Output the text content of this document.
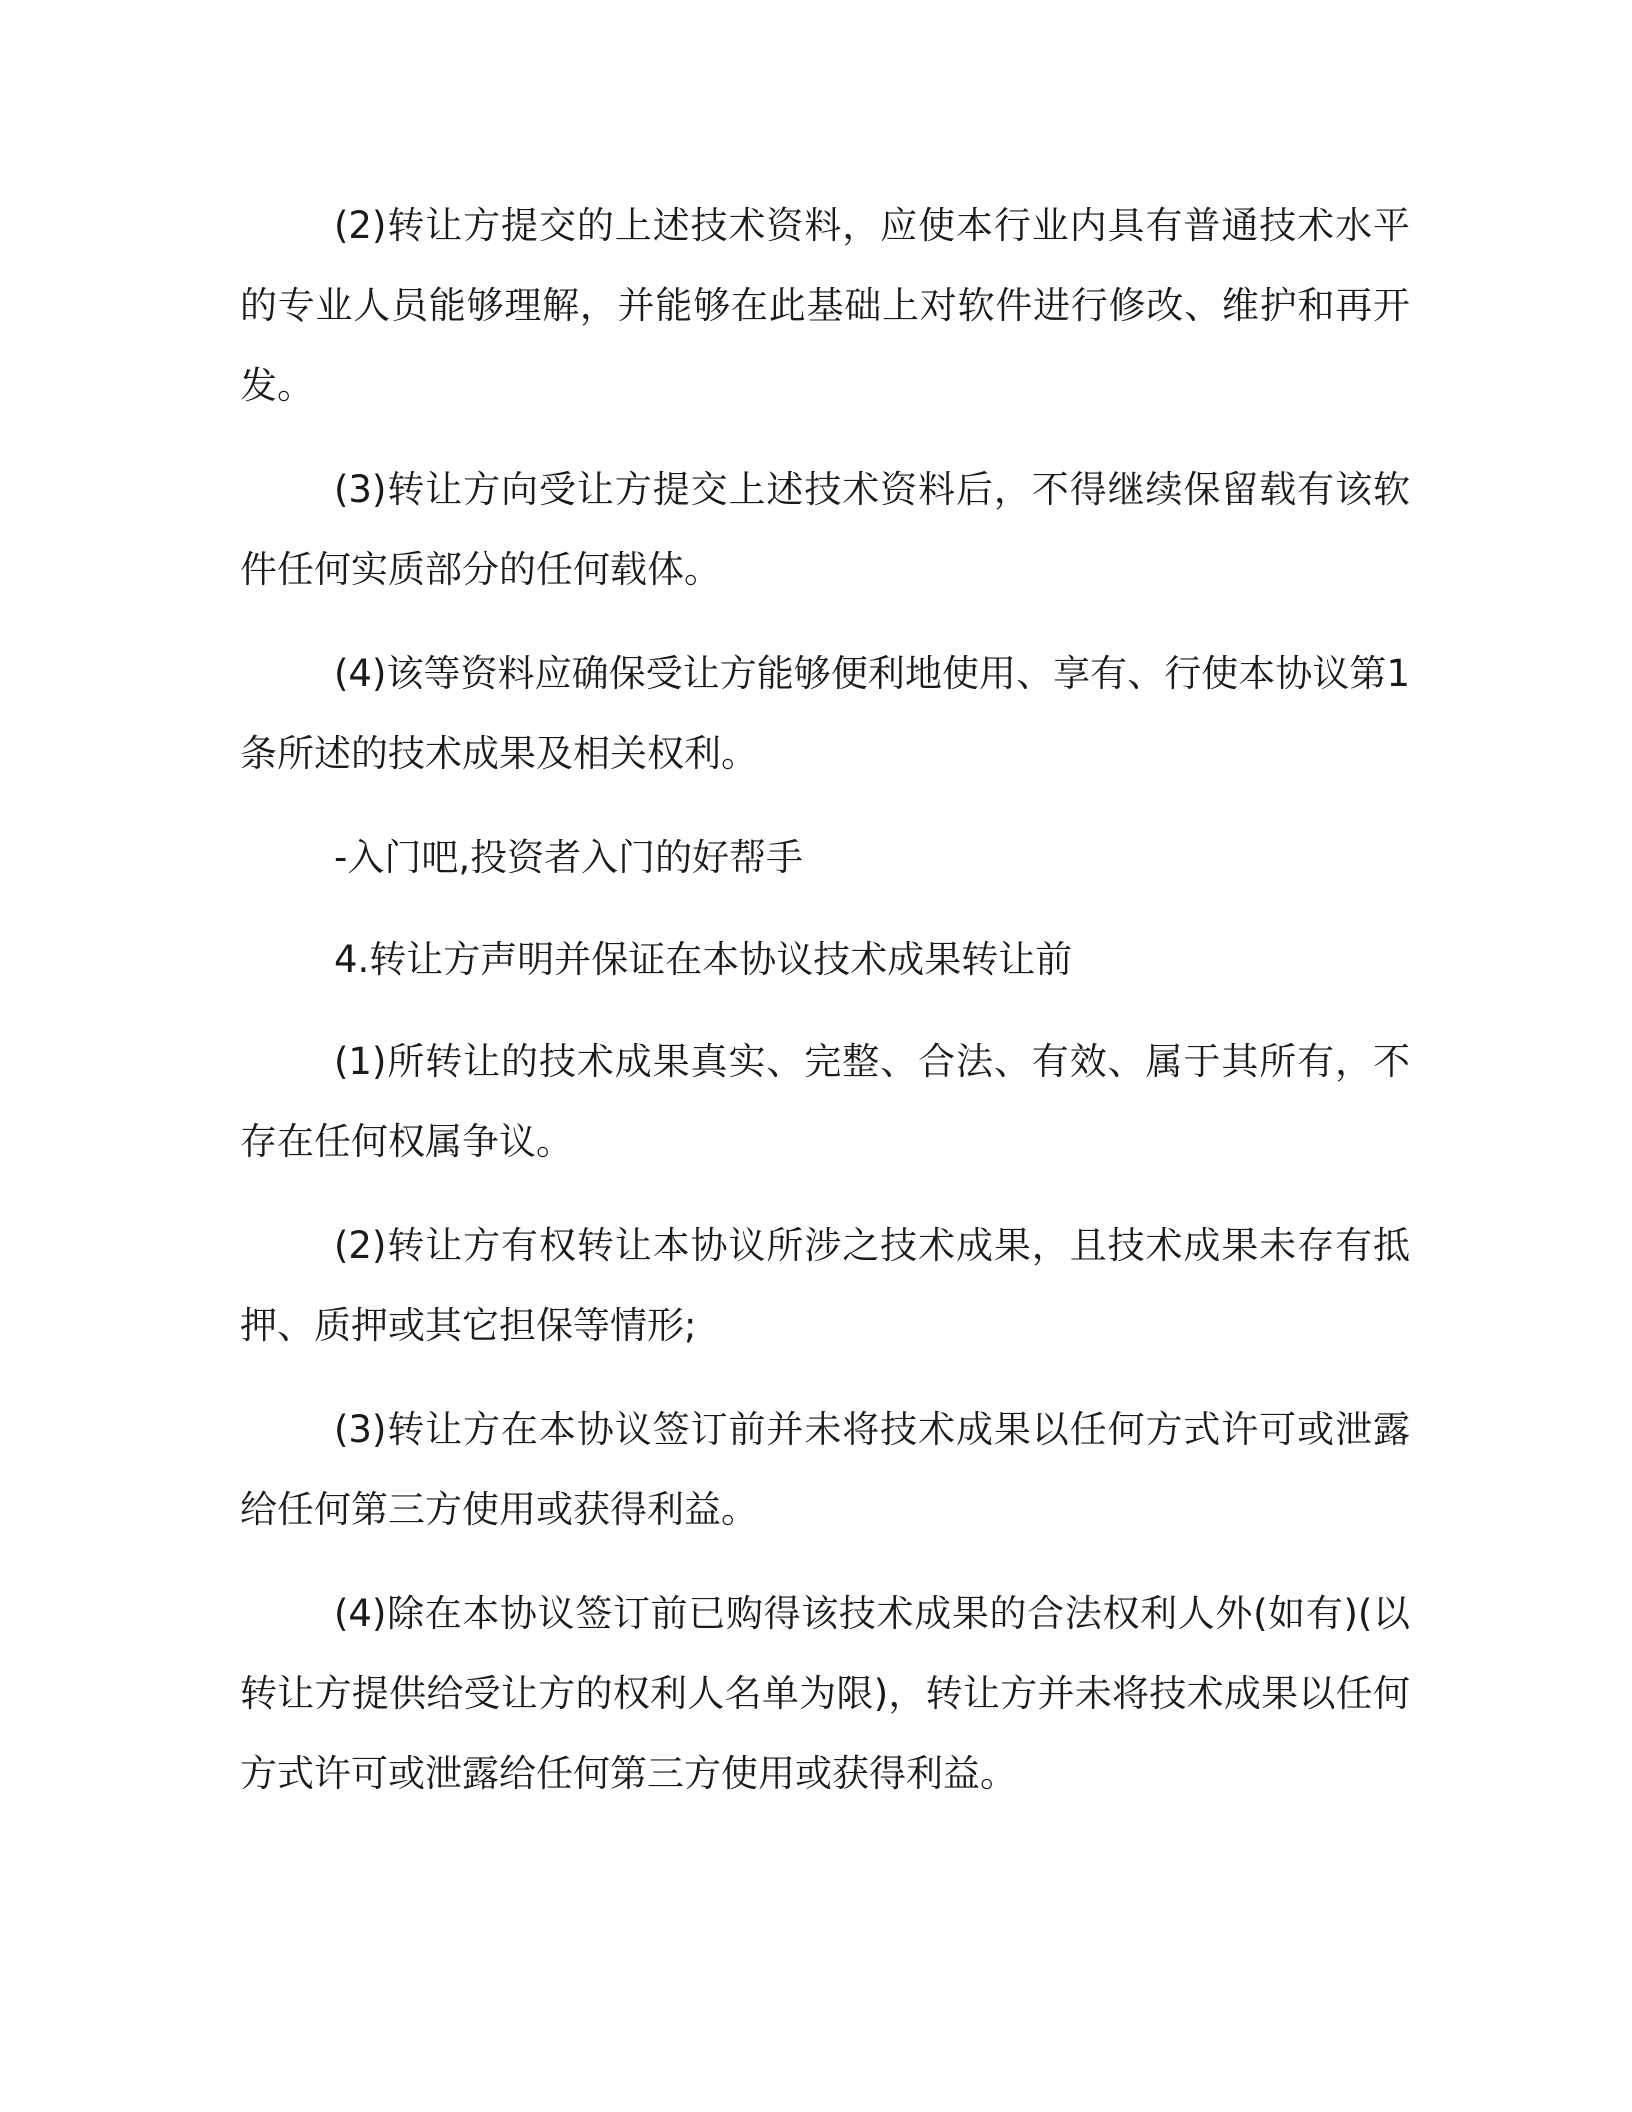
(2)转让方提交的上述技术资料，应使本行业内具有普通技术水平的专业人员能够理解，并能够在此基础上对软件进行修改、维护和再开发。

(3)转让方向受让方提交上述技术资料后，不得继续保留载有该软件任何实质部分的任何载体。

(4)该等资料应确保受让方能够便利地使用、享有、行使本协议第1条所述的技术成果及相关权利。

-入门吧,投资者入门的好帮手

4.转让方声明并保证在本协议技术成果转让前

(1)所转让的技术成果真实、完整、合法、有效、属于其所有，不存在任何权属争议。

(2)转让方有权转让本协议所涉之技术成果，且技术成果未存有抵押、质押或其它担保等情形;

(3)转让方在本协议签订前并未将技术成果以任何方式许可或泄露给任何第三方使用或获得利益。

(4)除在本协议签订前已购得该技术成果的合法权利人外(如有)(以转让方提供给受让方的权利人名单为限)，转让方并未将技术成果以任何方式许可或泄露给任何第三方使用或获得利益。
